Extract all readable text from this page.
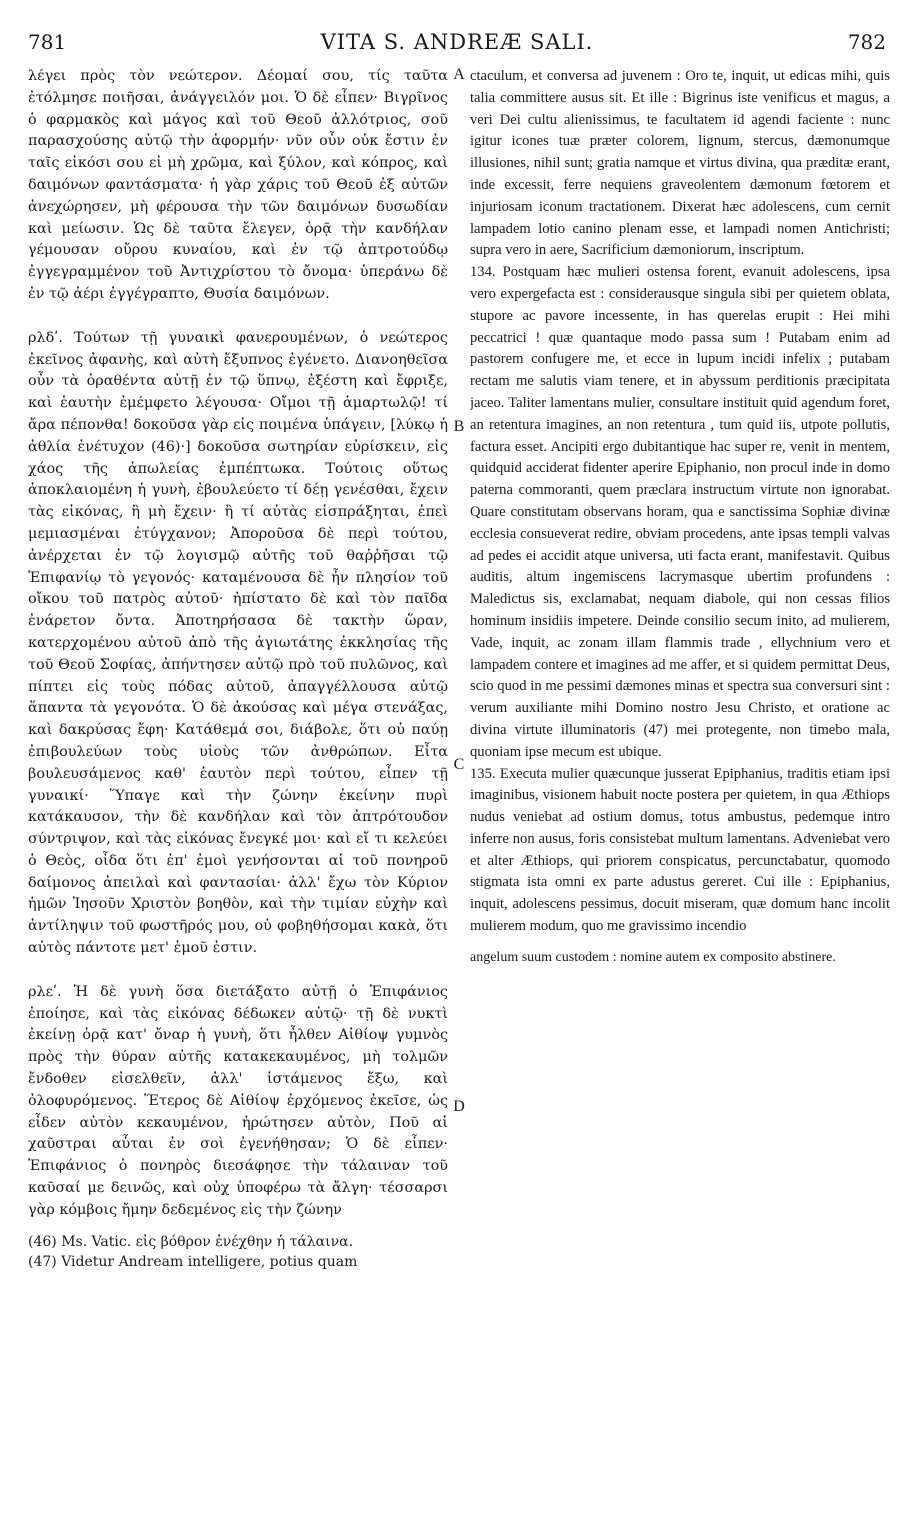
781	VITA S. ANDREÆ SALI.	782
A
B
C
D

λέγει πρὸς τὸν νεώτερον. Δέομαί σου, τίς ταῦτα ἐτόλμησε ποιῆσαι, ἀνάγγειλόν μοι. Ὁ δὲ εἶπεν· Βιγρῖνος ὁ φαρμακὸς καὶ μάγος καὶ τοῦ Θεοῦ ἀλλότριος, σοῦ παρασχούσης αὐτῷ τὴν ἀφορμήν· νῦν οὖν οὐκ ἔστιν ἐν ταῖς εἰκόσι σου εἰ μὴ χρῶμα, καὶ ξύλον, καὶ κόπρος, καὶ δαιμόνων φαντάσματα· ἡ γὰρ χάρις τοῦ Θεοῦ ἐξ αὐτῶν ἀνεχώρησεν, μὴ φέρουσα τὴν τῶν δαιμόνων δυσωδίαν καὶ μείωσιν. Ὡς δὲ ταῦτα ἔλεγεν, ὁρᾷ τὴν κανδήλαν γέμουσαν οὔρου κυναίου, καὶ ἐν τῷ ἀπτροτούδῳ ἐγγεγραμμένον τοῦ Ἀντιχρίστου τὸ ὄνομα· ὑπεράνω δὲ ἐν τῷ ἀέρι ἐγγέγραπτο, Θυσία δαιμόνων.

ρλδʹ. Τούτων τῇ γυναικὶ φανερουμένων, ὁ νεώτερος ἐκεῖνος ἀφανὴς, καὶ αὐτὴ ἔξυπνος ἐγένετο. Διανοηθεῖσα οὖν τὰ ὁραθέντα αὐτῇ ἐν τῷ ὕπνῳ, ἐξέστη καὶ ἔφριξε, καὶ ἑαυτὴν ἐμέμφετο λέγουσα· Οἴμοι τῇ ἁμαρτωλῷ! τί ἄρα πέπονθα! δοκοῦσα γὰρ εἰς ποιμένα ὑπάγειν, [λύκῳ ἡ ἀθλία ἐνέτυχον (46)·] δοκοῦσα σωτηρίαν εὑρίσκειν, εἰς χάος τῆς ἀπωλείας ἐμπέπτωκα. Τούτοις οὕτως ἀποκλαιομένη ἡ γυνὴ, ἐβουλεύετο τί δέῃ γενέσθαι, ἔχειν τὰς εἰκόνας, ἢ μὴ ἔχειν· ἢ τί αὐτὰς εἰσπράξηται, ἐπεὶ μεμιασμέναι ἐτύγχανον; Ἀποροῦσα δὲ περὶ τούτου, ἀνέρχεται ἐν τῷ λογισμῷ αὐτῆς τοῦ θαῤῥῆσαι τῷ Ἐπιφανίῳ τὸ γεγονός· καταμένουσα δὲ ἦν πλησίον τοῦ οἴκου τοῦ πατρὸς αὐτοῦ· ἠπίστατο δὲ καὶ τὸν παῖδα ἐνάρετον ὄντα. Ἀποτηρήσασα δὲ τακτὴν ὥραν, κατερχομένου αὐτοῦ ἀπὸ τῆς ἁγιωτάτης ἐκκλησίας τῆς τοῦ Θεοῦ Σοφίας, ἀπήντησεν αὐτῷ πρὸ τοῦ πυλῶνος, καὶ πίπτει εἰς τοὺς πόδας αὐτοῦ, ἀπαγγέλλουσα αὐτῷ ἅπαντα τὰ γεγονότα. Ὁ δὲ ἀκούσας καὶ μέγα στενάξας, καὶ δακρύσας ἔφη· Κατάθεμά σοι, διάβολε, ὅτι οὐ παύῃ ἐπιβουλεύων τοὺς υἱοὺς τῶν ἀνθρώπων. Εἶτα βουλευσάμενος καθ' ἑαυτὸν περὶ τούτου, εἶπεν τῇ γυναικί· Ὕπαγε καὶ τὴν ζώνην ἐκείνην πυρὶ κατάκαυσον, τὴν δὲ κανδήλαν καὶ τὸν ἀπτρότουδον σύντριψον, καὶ τὰς εἰκόνας ἔνεγκέ μοι· καὶ εἴ τι κελεύει ὁ Θεὸς, οἶδα ὅτι ἐπ' ἐμοὶ γενήσονται αἱ τοῦ πονηροῦ δαίμονος ἀπειλαὶ καὶ φαντασίαι· ἀλλ' ἔχω τὸν Κύριον ἡμῶν Ἰησοῦν Χριστὸν βοηθὸν, καὶ τὴν τιμίαν εὐχὴν καὶ ἀντίληψιν τοῦ φωστῆρός μου, οὐ φοβηθήσομαι κακὰ, ὅτι αὐτὸς πάντοτε μετ' ἐμοῦ ἐστιν.

ρλεʹ. Ἡ δὲ γυνὴ ὅσα διετάξατο αὐτῇ ὁ Ἐπιφάνιος ἐποίησε, καὶ τὰς εἰκόνας δέδωκεν αὐτῷ· τῇ δὲ νυκτὶ ἐκείνῃ ὁρᾷ κατ' ὄναρ ἡ γυνὴ, ὅτι ἦλθεν Αἰθίοψ γυμνὸς πρὸς τὴν θύραν αὐτῆς κατακεκαυμένος, μὴ τολμῶν ἔνδοθεν εἰσελθεῖν, ἀλλ' ἱστάμενος ἔξω, καὶ ὀλοφυρόμενος. Ἕτερος δὲ Αἰθίοψ ἐρχόμενος ἐκεῖσε, ὡς εἶδεν αὐτὸν κεκαυμένον, ἠρώτησεν αὐτὸν, Ποῦ αἱ χαῦστραι αὗται ἐν σοὶ ἐγενήθησαν; Ὁ δὲ εἶπεν· Ἐπιφάνιος ὁ πονηρὸς διεσάφησε τὴν τάλαιναν τοῦ καῦσαί με δεινῶς, καὶ οὐχ ὑποφέρω τὰ ἄλγη· τέσσαρσι γὰρ κόμβοις ἤμην δεδεμένος εἰς τὴν ζώνην

(46) Ms. Vatic. εἰς βόθρον ἐνέχθην ἡ τάλαινα.

(47) Videtur Andream intelligere, potius quam

ctaculum, et conversa ad juvenem : Oro te, inquit, ut edicas mihi, quis talia committere ausus sit. Et ille : Bigrinus iste venificus et magus, a veri Dei cultu alienissimus, te facultatem id agendi faciente : nunc igitur icones tuæ præter colorem, lignum, stercus, dæmonumque illusiones, nihil sunt; gratia namque et virtus divina, qua præditæ erant, inde excessit, ferre nequiens graveolentem dæmonum fœtorem et injuriosam iconum tractationem. Dixerat hæc adolescens, cum cernit lampadem lotio canino plenam esse, et lampadi nomen Antichristi; supra vero in aere, Sacrificium dæmoniorum, inscriptum.

134. Postquam hæc mulieri ostensa forent, evanuit adolescens, ipsa vero expergefacta est : considerausque singula sibi per quietem oblata, stupore ac pavore incessente, in has querelas erupit : Hei mihi peccatrici ! quæ quantaque modo passa sum ! Putabam enim ad pastorem confugere me, et ecce in lupum incidi infelix ; putabam rectam me salutis viam tenere, et in abyssum perditionis præcipitata jaceo. Taliter lamentans mulier, consultare instituit quid agendum foret, an retentura imagines, an non retentura , tum quid iis, utpote pollutis, factura esset. Ancipiti ergo dubitantique hac super re, venit in mentem, quidquid acciderat fidenter aperire Epiphanio, non procul inde in domo paterna commoranti, quem præclara instructum virtute non ignorabat. Quare constitutam observans horam, qua e sanctissima Sophiæ divinæ ecclesia consueverat redire, obviam procedens, ante ipsas templi valvas ad pedes ei accidit atque universa, uti facta erant, manifestavit. Quibus auditis, altum ingemiscens lacrymasque ubertim profundens : Maledictus sis, exclamabat, nequam diabole, qui non cessas filios hominum insidiis impetere. Deinde consilio secum inito, ad mulierem, Vade, inquit, ac zonam illam flammis trade , ellychnium vero et lampadem contere et imagines ad me affer, et si quidem permittat Deus, scio quod in me pessimi dæmones minas et spectra sua conversuri sint : verum auxiliante mihi Domino nostro Jesu Christo, et oratione ac divina virtute illuminatoris (47) mei protegente, non timebo mala, quoniam ipse mecum est ubique.

135. Executa mulier quæcunque jusserat Epiphanius, traditis etiam ipsi imaginibus, visionem habuit nocte postera per quietem, in qua Æthiops nudus veniebat ad ostium domus, totus ambustus, pedemque intro inferre non ausus, foris consistebat multum lamentans. Adveniebat vero et alter Æthiops, qui priorem conspicatus, percunctabatur, quomodo stigmata ista omni ex parte adustus gereret. Cui ille : Epiphanius, inquit, adolescens pessimus, docuit miseram, quæ domum hanc incolit mulierem modum, quo me gravissimo incendio

angelum suum custodem : nomine autem ex composito abstinere.
